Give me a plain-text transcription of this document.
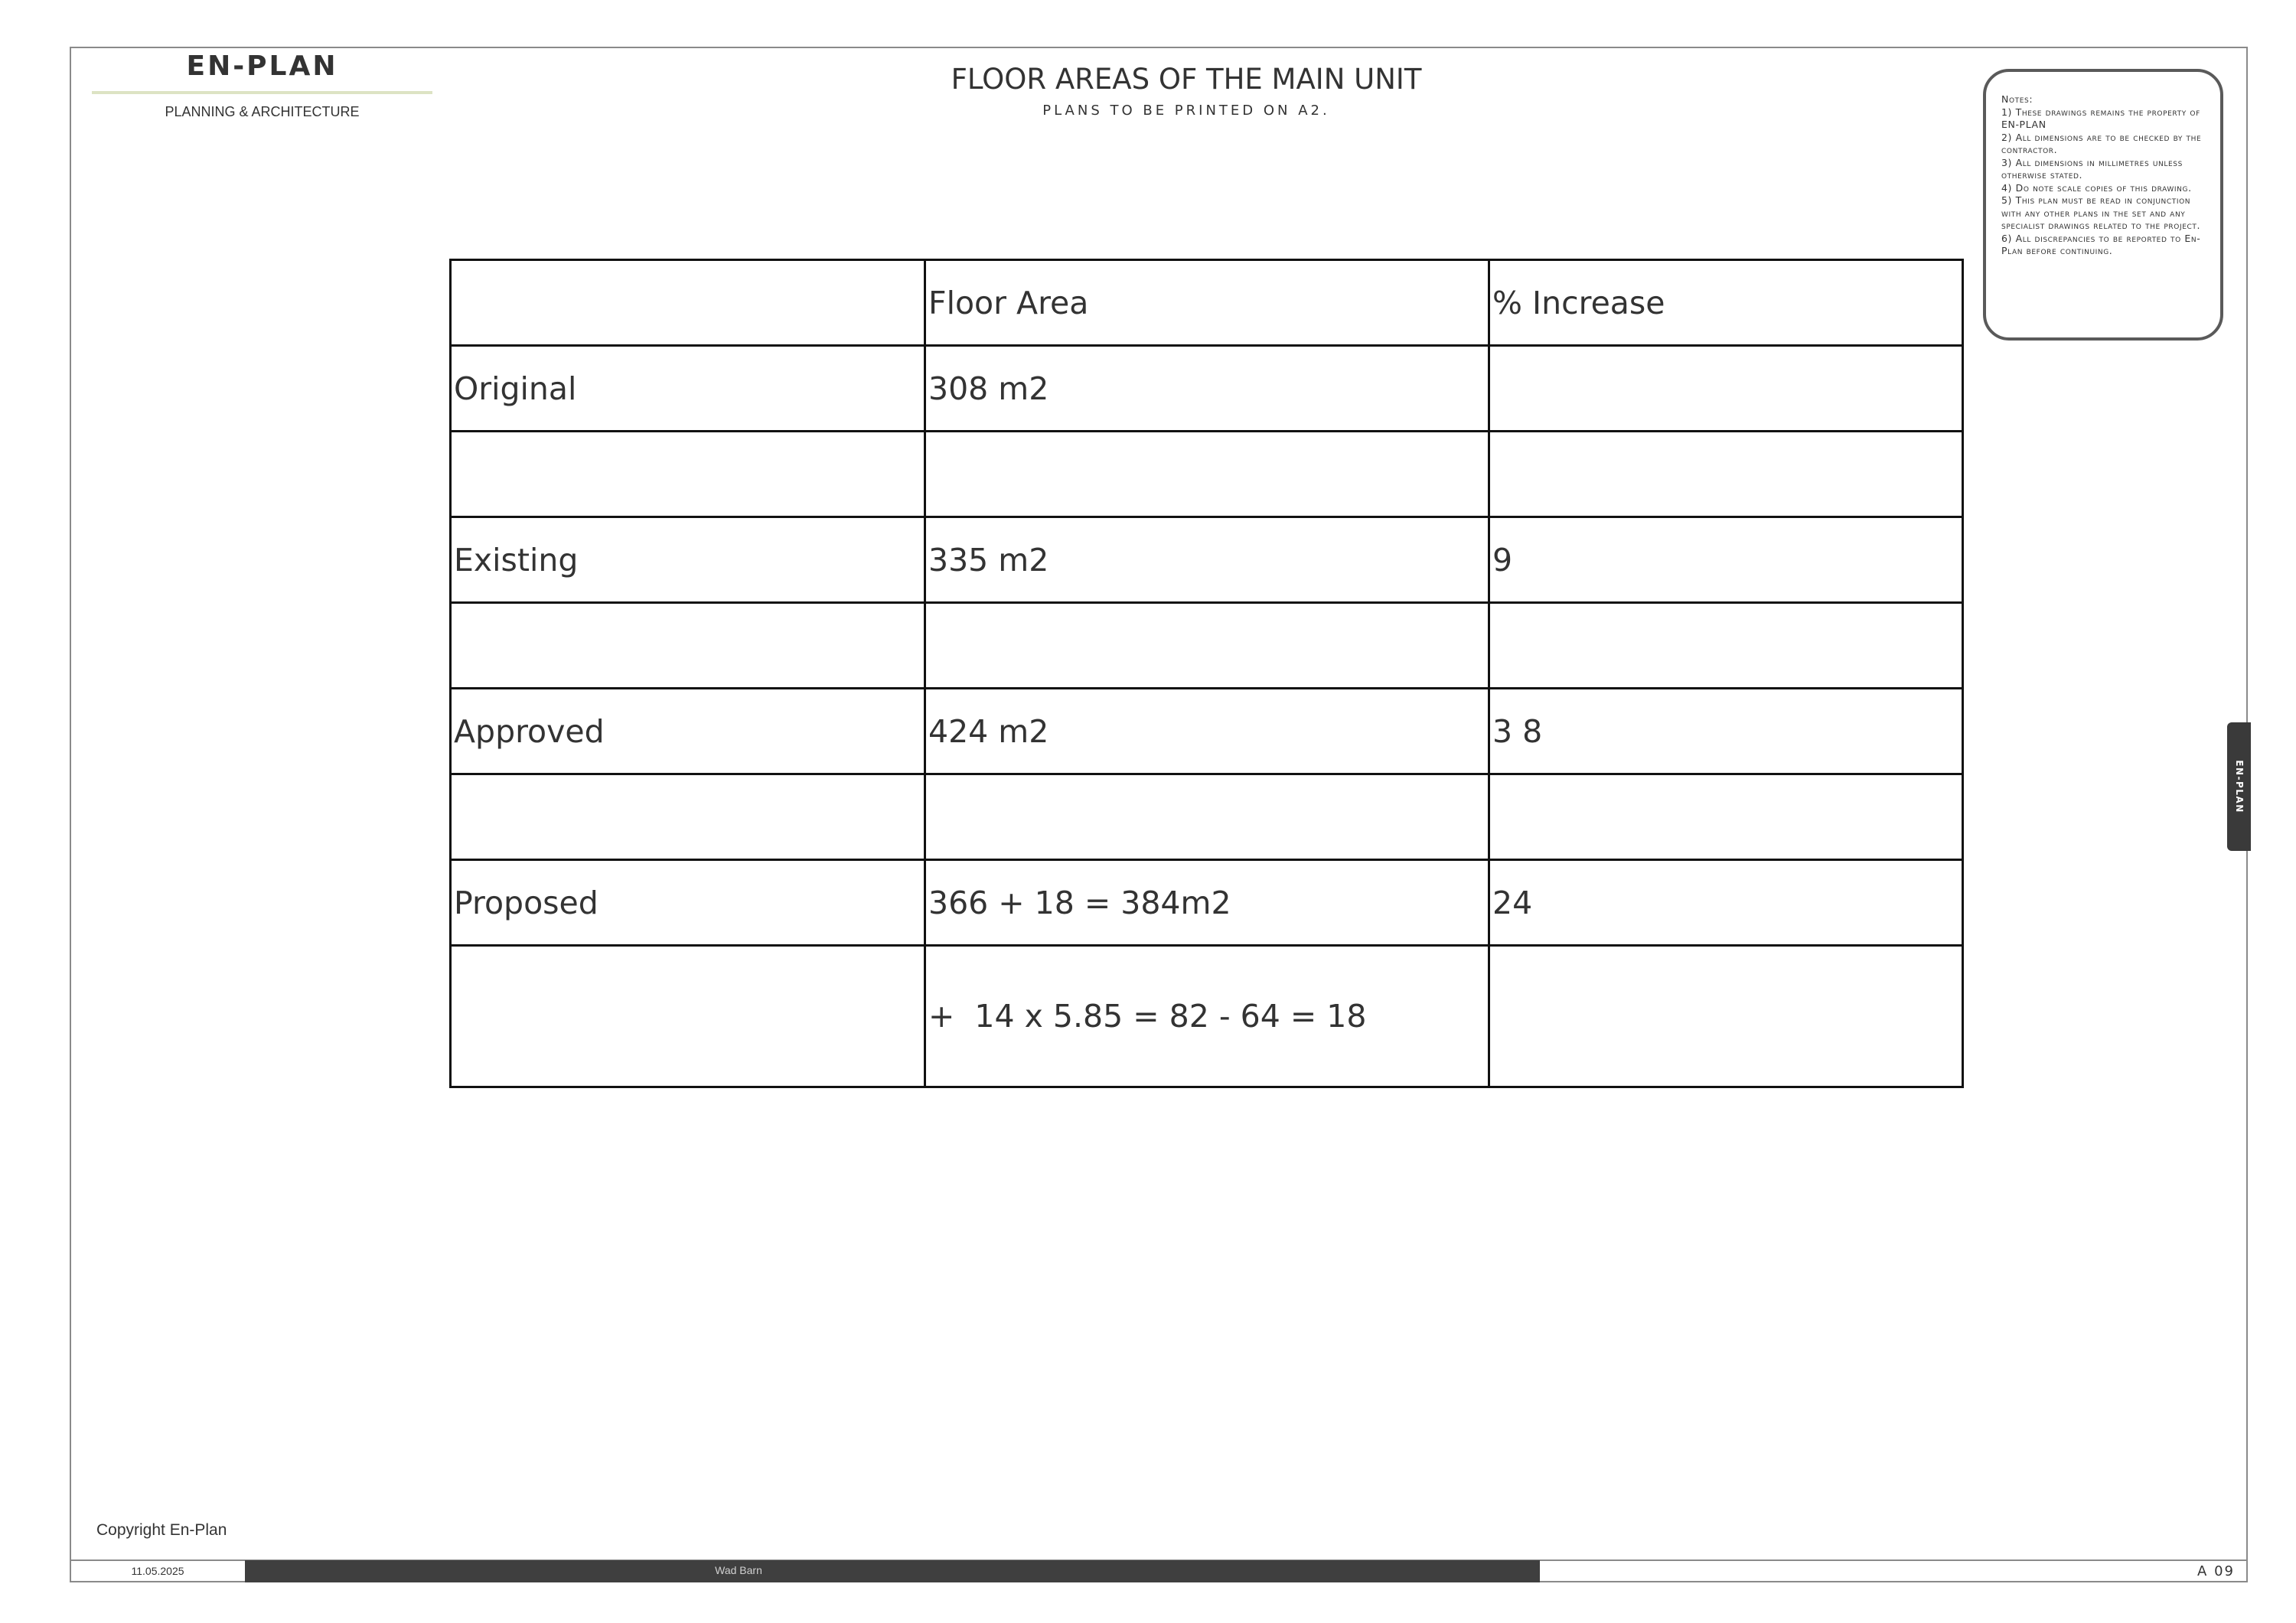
EN-PLAN
PLANNING & ARCHITECTURE
FLOOR AREAS OF THE MAIN UNIT
PLANS TO BE PRINTED ON A2.
Notes:
1) These drawings remains the property of EN-PLAN
2) All dimensions are to be checked by the contractor.
3) All dimensions in millimetres unless otherwise stated.
4) Do note scale copies of this drawing.
5) This plan must be read in conjunction with any other plans in the set and any specialist drawings related to the project.
6) All discrepancies to be reported to En-Plan before continuing.
	Floor Area	% Increase
Original	308 m2	

Existing	335 m2	9

Approved	424 m2	3 8

Proposed	366 + 18 = 384m2	24
	+  14 x 5.85 = 82 - 64 = 18	
EN-PLAN
Copyright En-Plan
11.05.2025	Wad Barn	A 09
